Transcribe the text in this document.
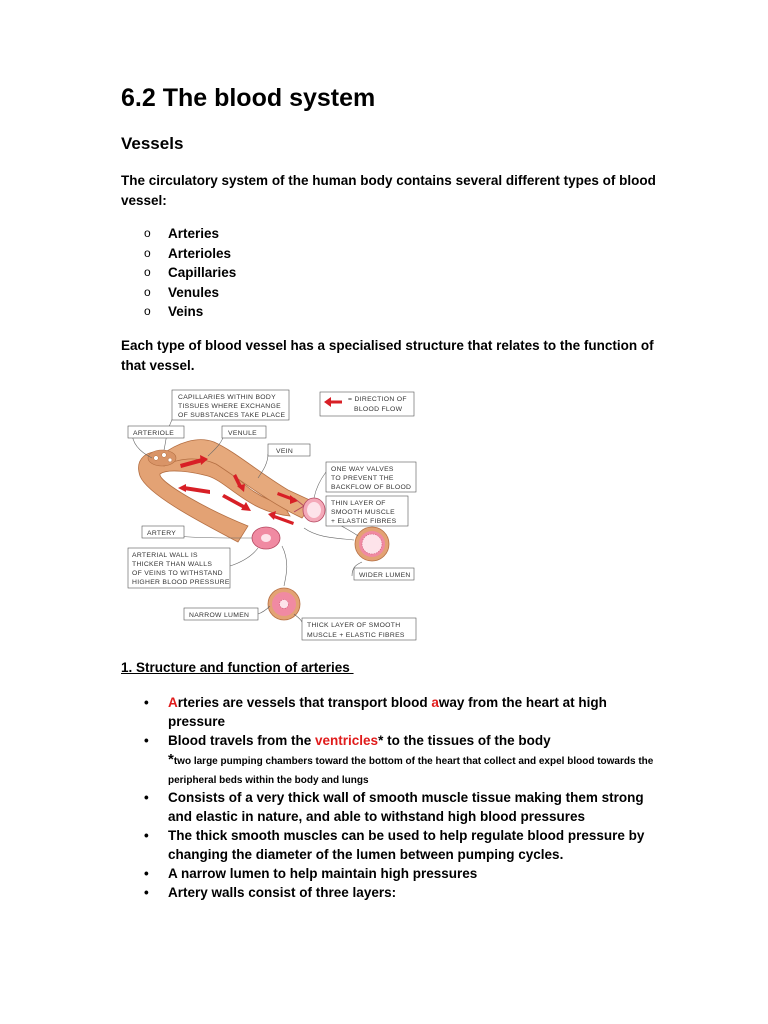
6.2 The blood system
Vessels

The circulatory system of the human body contains several different types of blood vessel:

o	Arteries
o	Arterioles
o	Capillaries
o	Venules
o	Veins

Each type of blood vessel has a specialised structure that relates to the function of that vessel.

CAPILLARIES WITHIN BODY
TISSUES WHERE EXCHANGE
OF SUBSTANCES TAKE PLACE
= DIRECTION OF
BLOOD FLOW
ARTERIOLE	VENULE
VEIN
ONE WAY VALVES
TO PREVENT THE
BACKFLOW OF BLOOD
THIN LAYER OF
SMOOTH MUSCLE
+ ELASTIC FIBRES
ARTERY
ARTERIAL WALL IS
THICKER THAN WALLS
OF VEINS TO WITHSTAND
HIGHER BLOOD PRESSURE
WIDER LUMEN
NARROW LUMEN
THICK LAYER OF SMOOTH
MUSCLE + ELASTIC FIBRES

1. Structure and function of arteries

• Arteries are vessels that transport blood away from the heart at high pressure
• Blood travels from the ventricles* to the tissues of the body
*two large pumping chambers toward the bottom of the heart that collect and expel blood towards the peripheral beds within the body and lungs
• Consists of a very thick wall of smooth muscle tissue making them strong and elastic in nature, and able to withstand high blood pressures
• The thick smooth muscles can be used to help regulate blood pressure by changing the diameter of the lumen between pumping cycles.
• A narrow lumen to help maintain high pressures
• Artery walls consist of three layers:
